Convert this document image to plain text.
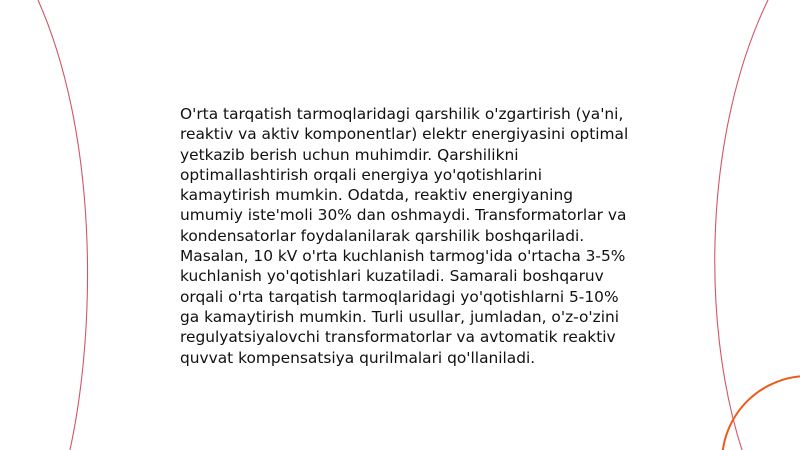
O'rta tarqatish tarmoqlaridagi qarshilik o'zgartirish (ya'ni, reaktiv va aktiv komponentlar) elektr energiyasini optimal yetkazib berish uchun muhimdir. Qarshilikni optimallashtirish orqali energiya yo'qotishlarini kamaytirish mumkin. Odatda, reaktiv energiyaning umumiy iste'moli 30% dan oshmaydi. Transformatorlar va kondensatorlar foydalanilarak qarshilik boshqariladi. Masalan, 10 kV o'rta kuchlanish tarmog'ida o'rtacha 3-5% kuchlanish yo'qotishlari kuzatiladi. Samarali boshqaruv orqali o'rta tarqatish tarmoqlaridagi yo'qotishlarni 5-10% ga kamaytirish mumkin. Turli usullar, jumladan, o'z-o'zini regulyatsiyalovchi transformatorlar va avtomatik reaktiv quvvat kompensatsiya qurilmalari qo'llaniladi.
